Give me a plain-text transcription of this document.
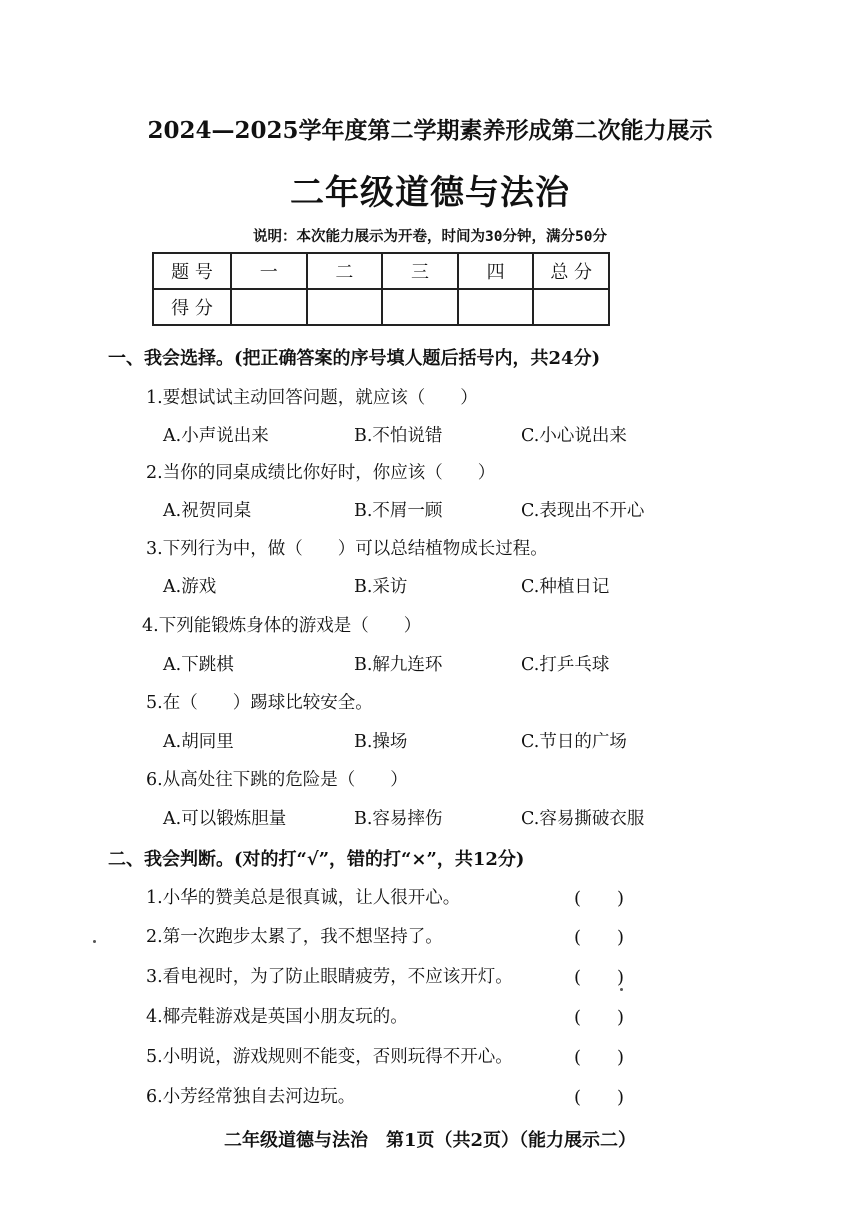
2024—2025学年度第二学期素养形成第二次能力展示
二年级道德与法治
说明：本次能力展示为开卷，时间为30分钟，满分50分
题 号	一	二	三	四	总 分
得 分					
一、我会选择。(把正确答案的序号填人题后括号内，共24分)
1.要想试试主动回答问题，就应该（　　）
A.小声说出来	B.不怕说错	C.小心说出来
2.当你的同桌成绩比你好时，你应该（　　）
A.祝贺同桌	B.不屑一顾	C.表现出不开心
3.下列行为中，做（　　）可以总结植物成长过程。
A.游戏	B.采访	C.种植日记
4.下列能锻炼身体的游戏是（　　）
A.下跳棋	B.解九连环	C.打乒乓球
5.在（　　）踢球比较安全。
A.胡同里	B.操场	C.节日的广场
6.从高处往下跳的危险是（　　）
A.可以锻炼胆量	B.容易摔伤	C.容易撕破衣服
二、我会判断。(对的打“√”，错的打“×”，共12分)
1.小华的赞美总是很真诚，让人很开心。	(　　)
2.第一次跑步太累了，我不想坚持了。	(　　)
3.看电视时，为了防止眼睛疲劳，不应该开灯。	(　　)
4.椰壳鞋游戏是英国小朋友玩的。	(　　)
5.小明说，游戏规则不能变，否则玩得不开心。	(　　)
6.小芳经常独自去河边玩。	(　　)
二年级道德与法治　第1页（共2页）（能力展示二）
